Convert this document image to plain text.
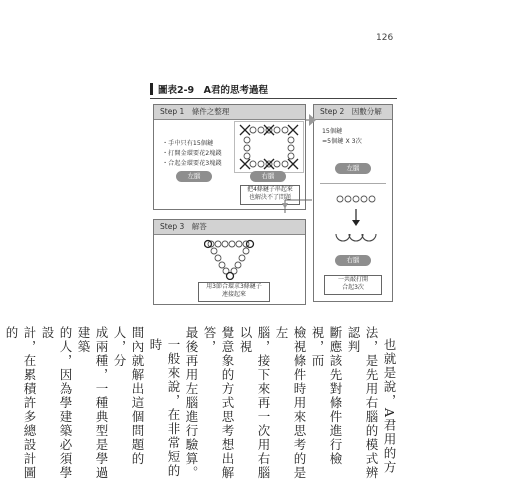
126
圖表2-9　A君的思考過程
Step 1　條件之整理
・手中只有15個鏈
・打開金環要花2塊錢
・合起金環要花3塊錢
左腦	右腦
把4條鏈子串起來
也解決不了問題
Step 2　因數分解
15個鏈
=5個鏈 X 3次
左腦
右腦
一共敲打開
合起3次
Step 3　解答
用3節合環求3條鏈子
連接起來

也就是說，A君用的方

法，是先用右腦的模式辨認判

斷應該先對條件進行檢視，而

檢視條件時用來思考的是左

腦，接下來再一次用右腦以視

覺意象的方式思考想出解答，

最後再用左腦進行驗算。

一般來說，在非常短的時

間內就解出這個問題的人，分

成兩種，一種典型是學過建築

的人，因為學建築必須學設

計，在累積許多總設計圖的
